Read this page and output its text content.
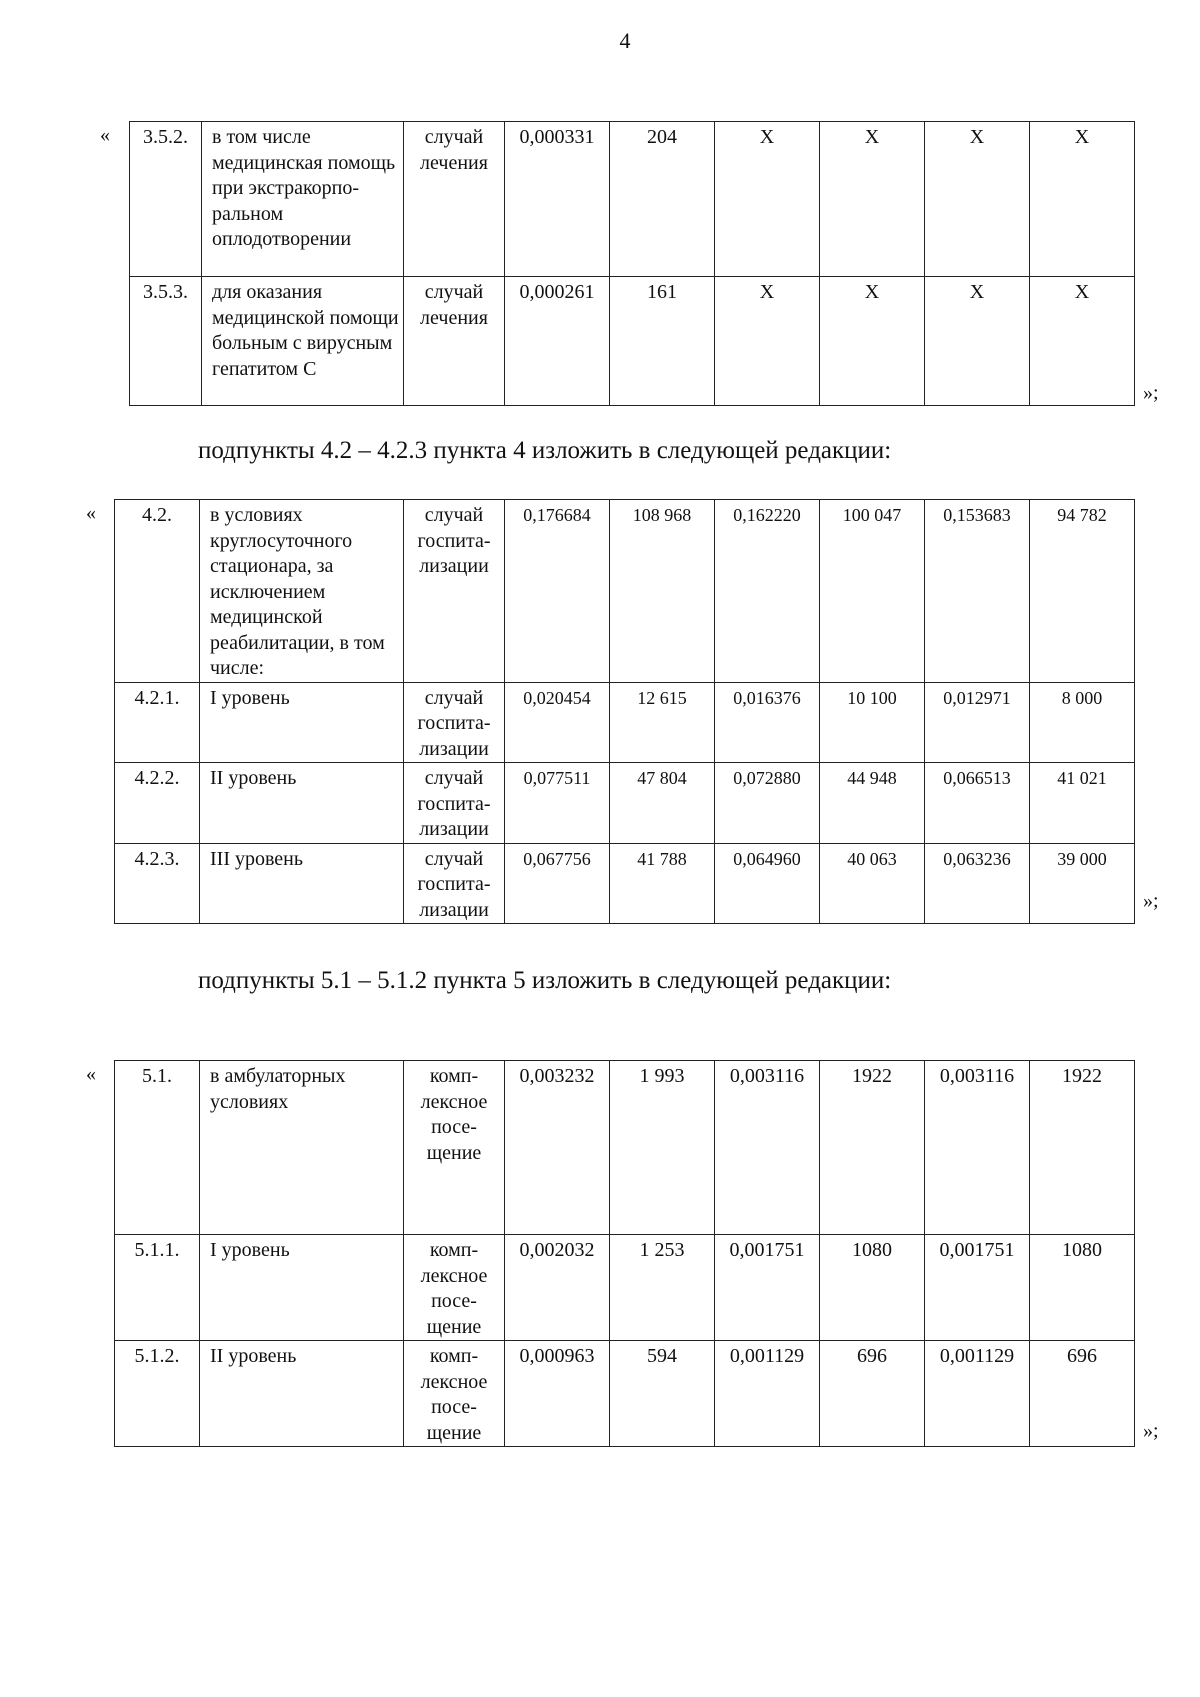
4
« 3.5.2.	в том числе медицинская помощь при экстракорпо-ральном оплодотворении	случай лечения	0,000331	204	Х	Х	Х	Х
3.5.3.	для оказания медицинской помощи больным с вирусным гепатитом С	случай лечения	0,000261	161	Х	Х	Х	Х
»;
подпункты 4.2 – 4.2.3 пункта 4 изложить в следующей редакции:
« 4.2.	в условиях круглосуточного стационара, за исключением медицинской реабилитации, в том числе:	случай госпита-лизации	0,176684	108 968	0,162220	100 047	0,153683	94 782
4.2.1.	I уровень	случай госпита-лизации	0,020454	12 615	0,016376	10 100	0,012971	8 000
4.2.2.	II уровень	случай госпита-лизации	0,077511	47 804	0,072880	44 948	0,066513	41 021
4.2.3.	III уровень	случай госпита-лизации	0,067756	41 788	0,064960	40 063	0,063236	39 000
»;
подпункты 5.1 – 5.1.2 пункта 5 изложить в следующей редакции:
« 5.1.	в амбулаторных условиях	комп-лексное посе-щение	0,003232	1 993	0,003116	1922	0,003116	1922
5.1.1.	I уровень	комп-лексное посе-щение	0,002032	1 253	0,001751	1080	0,001751	1080
5.1.2.	II уровень	комп-лексное посе-щение	0,000963	594	0,001129	696	0,001129	696
»;
